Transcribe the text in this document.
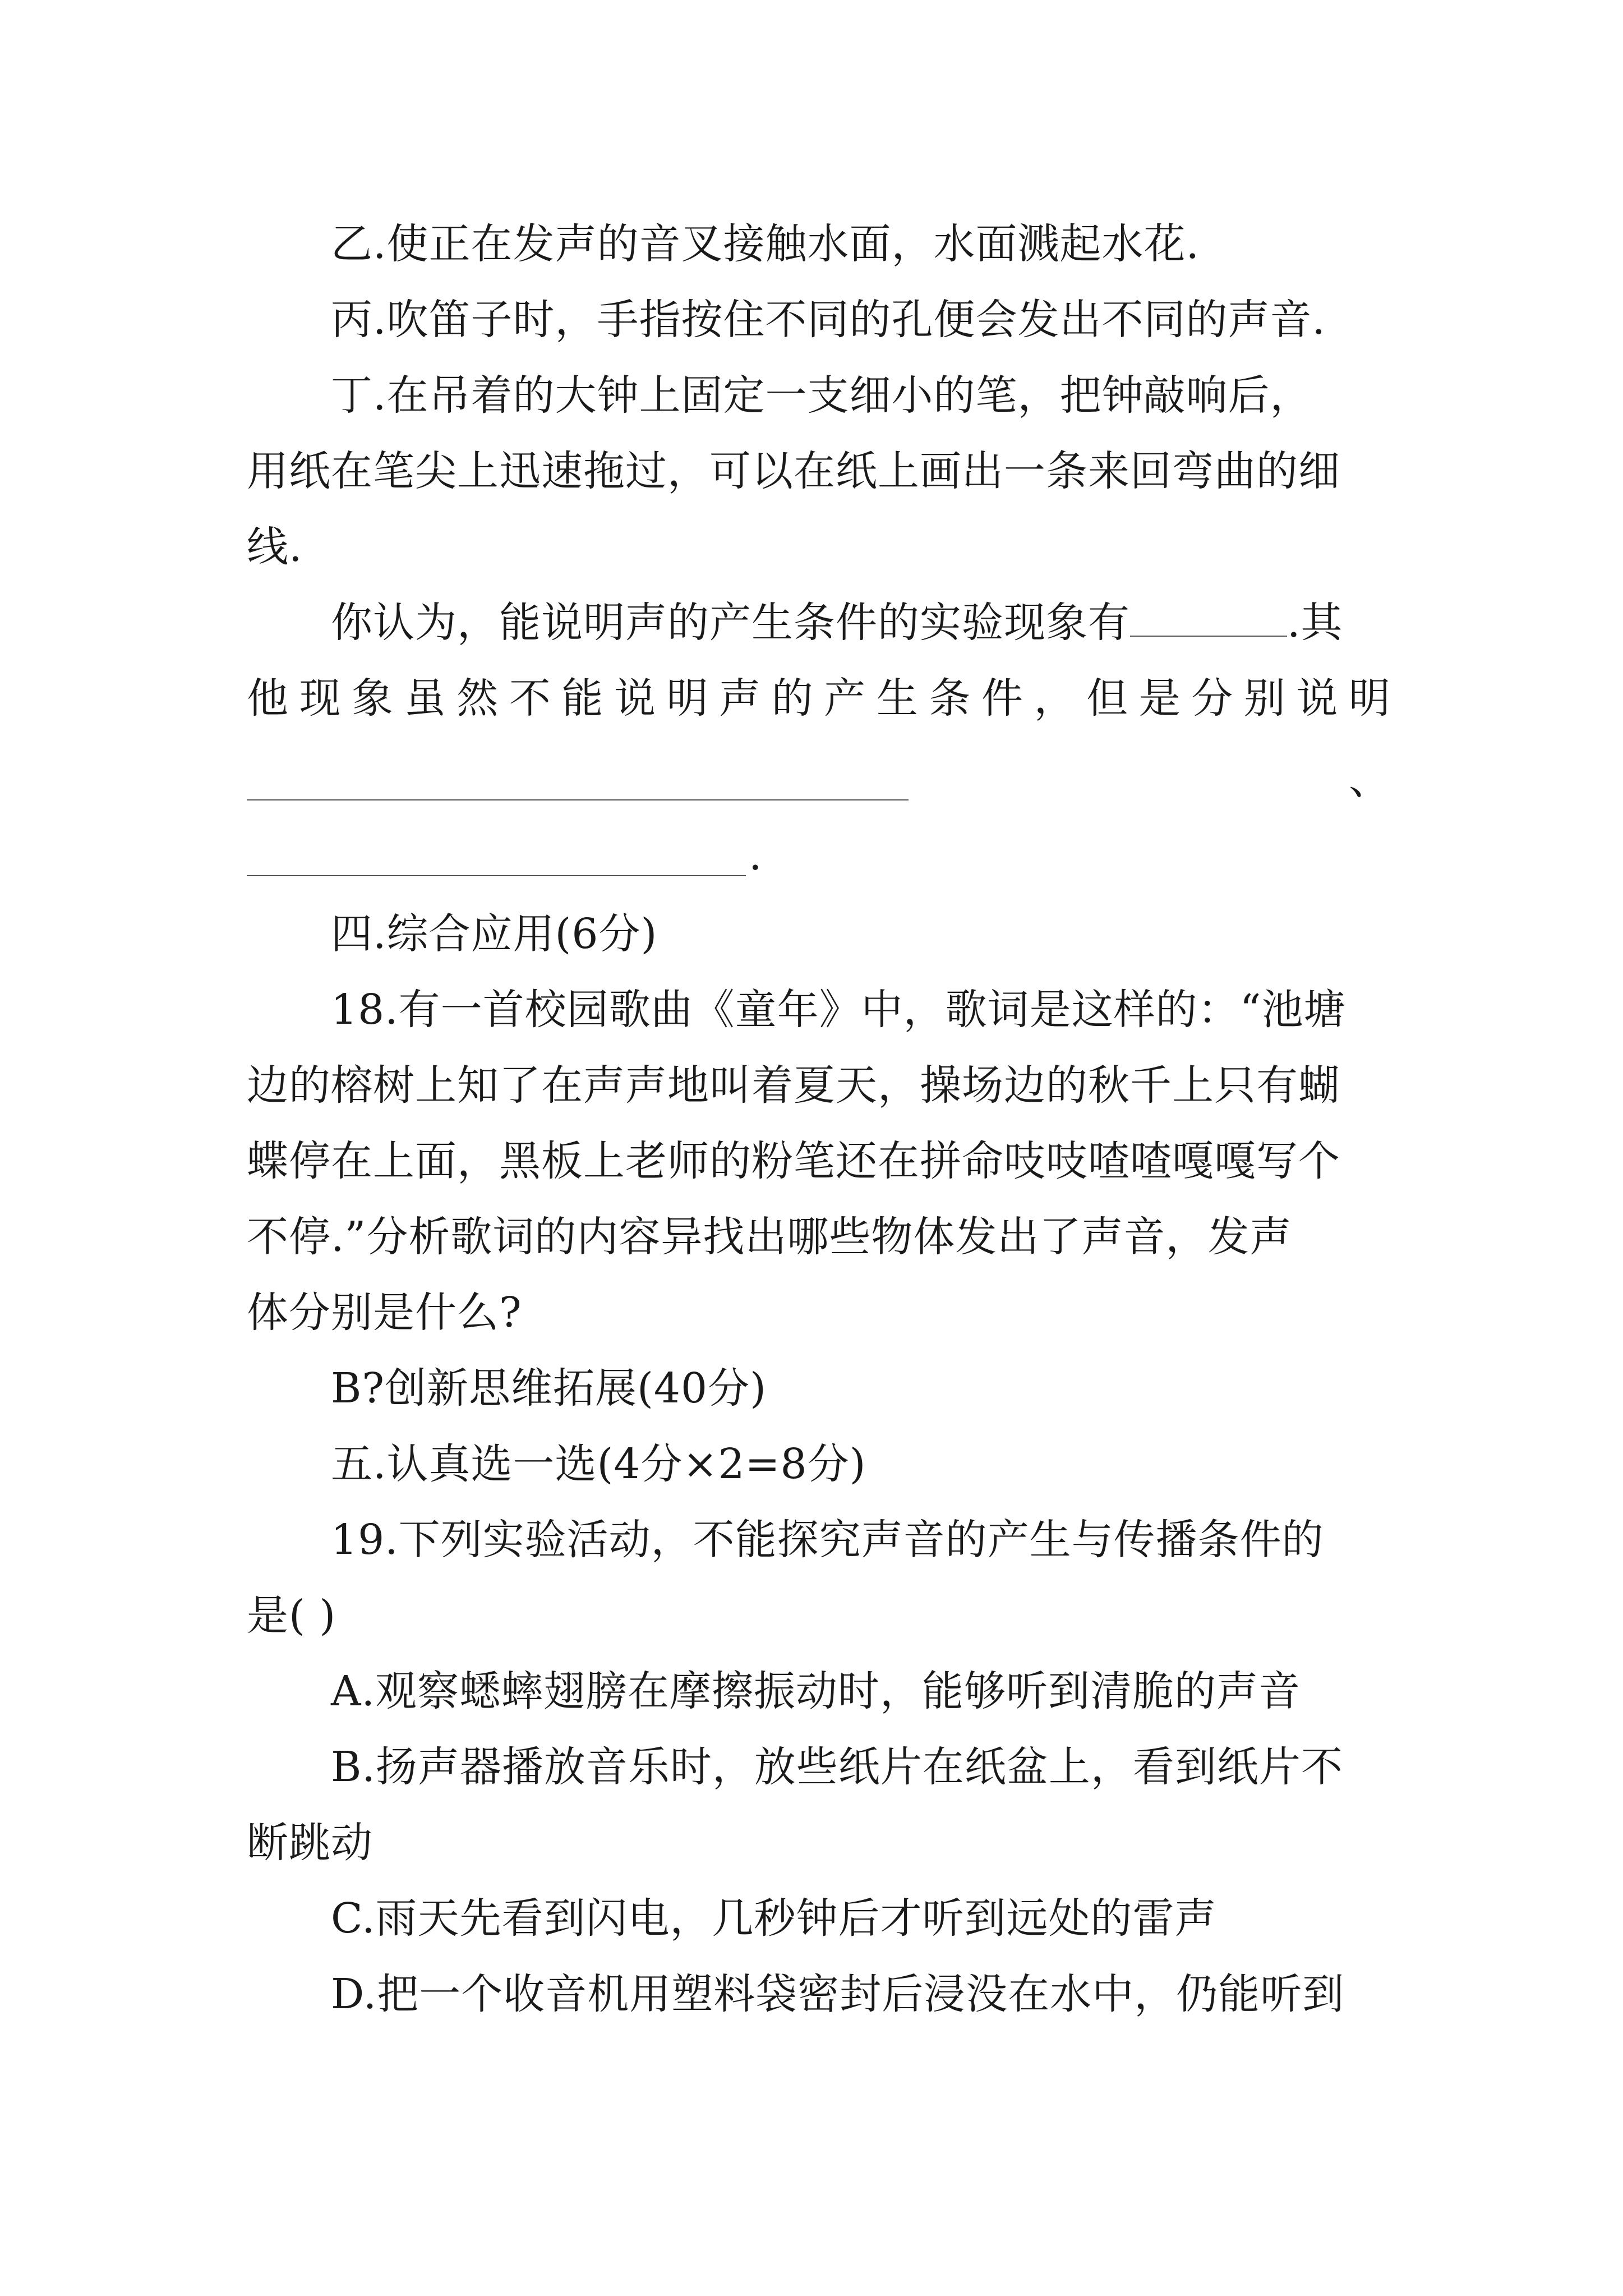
乙.使正在发声的音叉接触水面，水面溅起水花.
丙.吹笛子时，手指按住不同的孔便会发出不同的声音.
丁.在吊着的大钟上固定一支细小的笔，把钟敲响后，
用纸在笔尖上迅速拖过，可以在纸上画出一条来回弯曲的细
线.
你认为，能说明声的产生条件的实验现象有	.其
他现象虽然不能说明声的产生条件，但是分别说明
、
.
四.综合应用(6分)
18.有一首校园歌曲《童年》中，歌词是这样的：“池塘
边的榕树上知了在声声地叫着夏天，操场边的秋千上只有蝴
蝶停在上面，黑板上老师的粉笔还在拼命吱吱喳喳嘎嘎写个
不停.”分析歌词的内容异找出哪些物体发出了声音，发声
体分别是什么?
B?创新思维拓展(40分)
五.认真选一选(4分×2=8分)
19.下列实验活动，不能探究声音的产生与传播条件的
是( )
A.观察蟋蟀翅膀在摩擦振动时，能够听到清脆的声音
B.扬声器播放音乐时，放些纸片在纸盆上，看到纸片不
断跳动
C.雨天先看到闪电，几秒钟后才听到远处的雷声
D.把一个收音机用塑料袋密封后浸没在水中，仍能听到
